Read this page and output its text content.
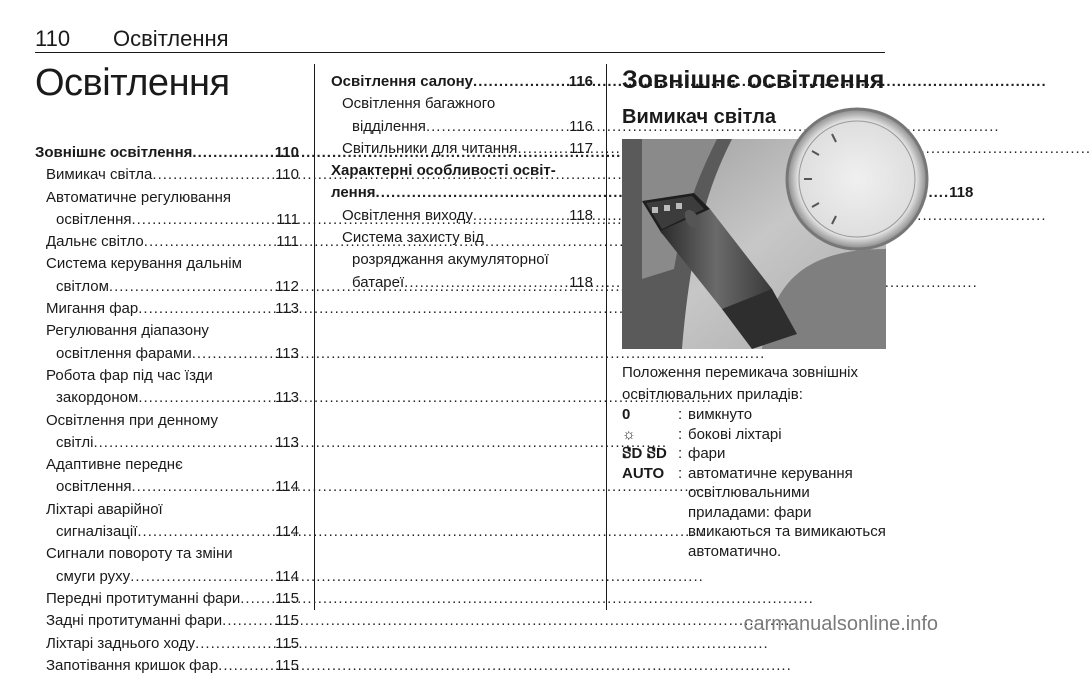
110 Освітлення
Освітлення
Зовнішнє освітлення .....	110
Вимикач світла .....	110
Автоматичне регулювання
освітлення .....	111
Дальнє світло .....	111
Система керування дальнім
світлом .....	112
Мигання фар .....	113
Регулювання діапазону
освітлення фарами .....	113
Робота фар під час їзди
закордоном .....	113
Освітлення при денному
світлі .....	113
Адаптивне переднє
освітлення .....	114
Ліхтарі аварійної
сигналізації .....	114
Сигнали повороту та зміни
смуги руху .....	114
Передні протитуманні фари ..... 115
Задні протитуманні фари .....	115
Ліхтарі заднього ходу .....	115
Запотівання кришок фар .....	115
Освітлення салону .....	116
Освітлення багажного
відділення .....	116
Світильники для читання .....	117
Характерні особливості освіт-
лення .....	118
Освітлення виходу .....	118
Система захисту від
розряджання акумуляторної
батареї .....	118
Зовнішнє освітлення
Вимикач світла
Положення перемикача зовнішніх освітлювальних приладів:
0	: вимкнуто
☼	: бокові ліхтарі
ꗟD ꗟD : фари
AUTO : автоматичне керування освітлювальними приладами: фари вмикаються та вимикаються автоматично.
carmanualsonline.info
